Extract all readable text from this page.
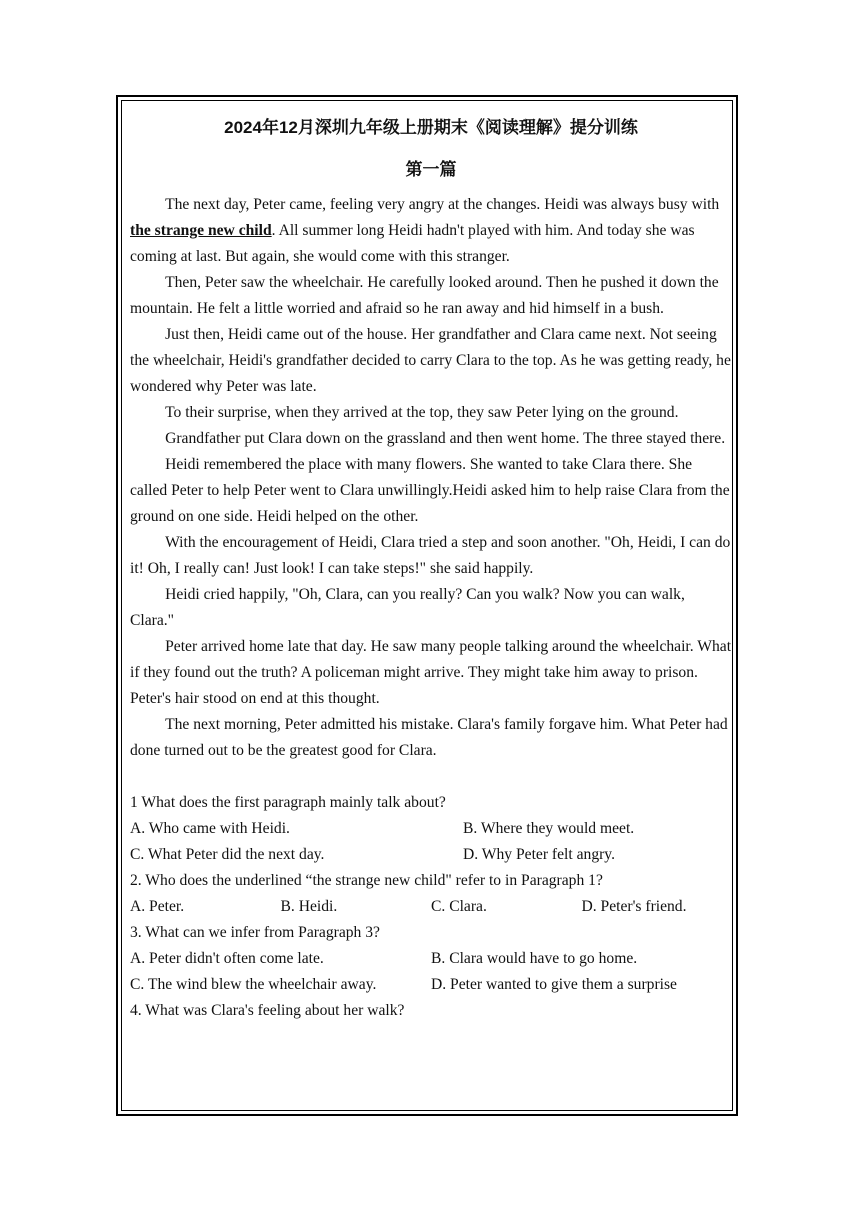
2024年12月深圳九年级上册期末《阅读理解》提分训练
第一篇

The next day, Peter came, feeling very angry at the changes. Heidi was always busy with the strange new child. All summer long Heidi hadn't played with him. And today she was coming at last. But again, she would come with this stranger.

Then, Peter saw the wheelchair. He carefully looked around. Then he pushed it down the mountain. He felt a little worried and afraid so he ran away and hid himself in a bush.

Just then, Heidi came out of the house. Her grandfather and Clara came next. Not seeing the wheelchair, Heidi's grandfather decided to carry Clara to the top. As he was getting ready, he wondered why Peter was late.

To their surprise, when they arrived at the top, they saw Peter lying on the ground.

Grandfather put Clara down on the grassland and then went home. The three stayed there.

Heidi remembered the place with many flowers. She wanted to take Clara there. She called Peter to help Peter went to Clara unwillingly.Heidi asked him to help raise Clara from the ground on one side. Heidi helped on the other.

With the encouragement of Heidi, Clara tried a step and soon another. "Oh, Heidi, I can do it! Oh, I really can! Just look! I can take steps!" she said happily.

Heidi cried happily, "Oh, Clara, can you really? Can you walk? Now you can walk, Clara."

Peter arrived home late that day. He saw many people talking around the wheelchair. What if they found out the truth? A policeman might arrive. They might take him away to prison. Peter's hair stood on end at this thought.

The next morning, Peter admitted his mistake. Clara's family forgave him. What Peter had done turned out to be the greatest good for Clara.

1 What does the first paragraph mainly talk about?

A. Who came with Heidi.	B. Where they would meet.
C. What Peter did the next day.	D. Why Peter felt angry.

2. Who does the underlined “the strange new child" refer to in Paragraph 1?

A. Peter.	B. Heidi.	C. Clara.	D. Peter's friend.

3. What can we infer from Paragraph 3?

A. Peter didn't often come late.	B. Clara would have to go home.
C. The wind blew the wheelchair away.	D. Peter wanted to give them a surprise

4. What was Clara's feeling about her walk?
